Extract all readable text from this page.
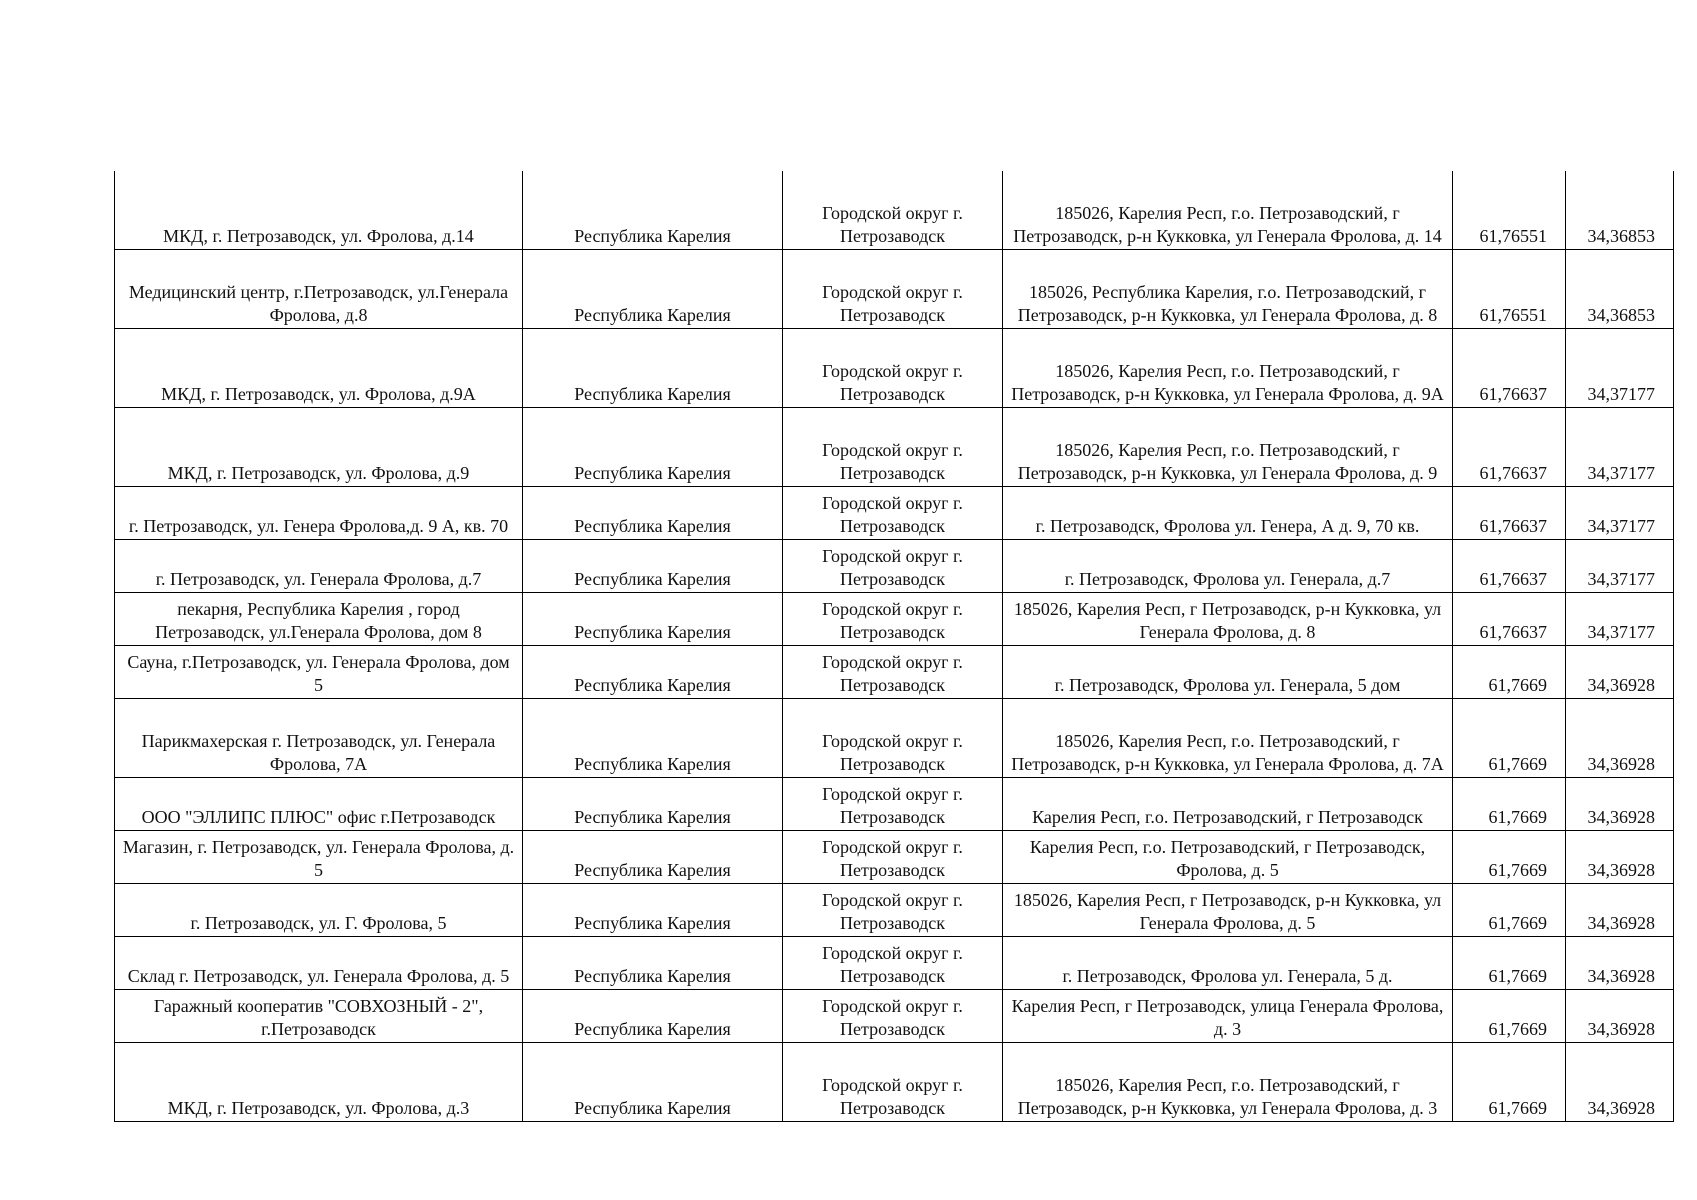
МКД, г. Петрозаводск, ул. Фролова, д.14	Республика Карелия	Городской округ г. Петрозаводск	185026, Карелия Респ, г.о. Петрозаводский, г Петрозаводск, р-н Кукковка, ул Генерала Фролова, д. 14	61,76551	34,36853
Медицинский центр, г.Петрозаводск, ул.Генерала Фролова, д.8	Республика Карелия	Городской округ г. Петрозаводск	185026, Республика Карелия, г.о. Петрозаводский, г Петрозаводск, р-н Кукковка, ул Генерала Фролова, д. 8	61,76551	34,36853
МКД, г. Петрозаводск, ул. Фролова, д.9А	Республика Карелия	Городской округ г. Петрозаводск	185026, Карелия Респ, г.о. Петрозаводский, г Петрозаводск, р-н Кукковка, ул Генерала Фролова, д. 9А	61,76637	34,37177
МКД, г. Петрозаводск, ул. Фролова, д.9	Республика Карелия	Городской округ г. Петрозаводск	185026, Карелия Респ, г.о. Петрозаводский, г Петрозаводск, р-н Кукковка, ул Генерала Фролова, д. 9	61,76637	34,37177
г. Петрозаводск, ул. Генера Фролова,д. 9 А, кв. 70	Республика Карелия	Городской округ г. Петрозаводск	г. Петрозаводск, Фролова ул. Генера, А д. 9, 70 кв.	61,76637	34,37177
г. Петрозаводск, ул. Генерала Фролова, д.7	Республика Карелия	Городской округ г. Петрозаводск	г. Петрозаводск, Фролова ул. Генерала, д.7	61,76637	34,37177
пекарня, Республика Карелия , город Петрозаводск, ул.Генерала Фролова, дом 8	Республика Карелия	Городской округ г. Петрозаводск	185026, Карелия Респ, г Петрозаводск, р-н Кукковка, ул Генерала Фролова, д. 8	61,76637	34,37177
Сауна, г.Петрозаводск, ул. Генерала Фролова, дом 5	Республика Карелия	Городской округ г. Петрозаводск	г. Петрозаводск, Фролова ул. Генерала, 5 дом	61,7669	34,36928
Парикмахерская г. Петрозаводск, ул. Генерала Фролова, 7А	Республика Карелия	Городской округ г. Петрозаводск	185026, Карелия Респ, г.о. Петрозаводский, г Петрозаводск, р-н Кукковка, ул Генерала Фролова, д. 7А	61,7669	34,36928
ООО "ЭЛЛИПС ПЛЮС" офис г.Петрозаводск	Республика Карелия	Городской округ г. Петрозаводск	Карелия Респ, г.о. Петрозаводский, г Петрозаводск	61,7669	34,36928
Магазин, г. Петрозаводск, ул. Генерала Фролова, д. 5	Республика Карелия	Городской округ г. Петрозаводск	Карелия Респ, г.о. Петрозаводский, г Петрозаводск, Фролова, д. 5	61,7669	34,36928
г. Петрозаводск, ул. Г. Фролова, 5	Республика Карелия	Городской округ г. Петрозаводск	185026, Карелия Респ, г Петрозаводск, р-н Кукковка, ул Генерала Фролова, д. 5	61,7669	34,36928
Склад г. Петрозаводск, ул. Генерала Фролова, д. 5	Республика Карелия	Городской округ г. Петрозаводск	г. Петрозаводск, Фролова ул. Генерала, 5 д.	61,7669	34,36928
Гаражный кооператив "СОВХОЗНЫЙ - 2", г.Петрозаводск	Республика Карелия	Городской округ г. Петрозаводск	Карелия Респ, г Петрозаводск, улица Генерала Фролова, д. 3	61,7669	34,36928
МКД, г. Петрозаводск, ул. Фролова, д.3	Республика Карелия	Городской округ г. Петрозаводск	185026, Карелия Респ, г.о. Петрозаводский, г Петрозаводск, р-н Кукковка, ул Генерала Фролова, д. 3	61,7669	34,36928
